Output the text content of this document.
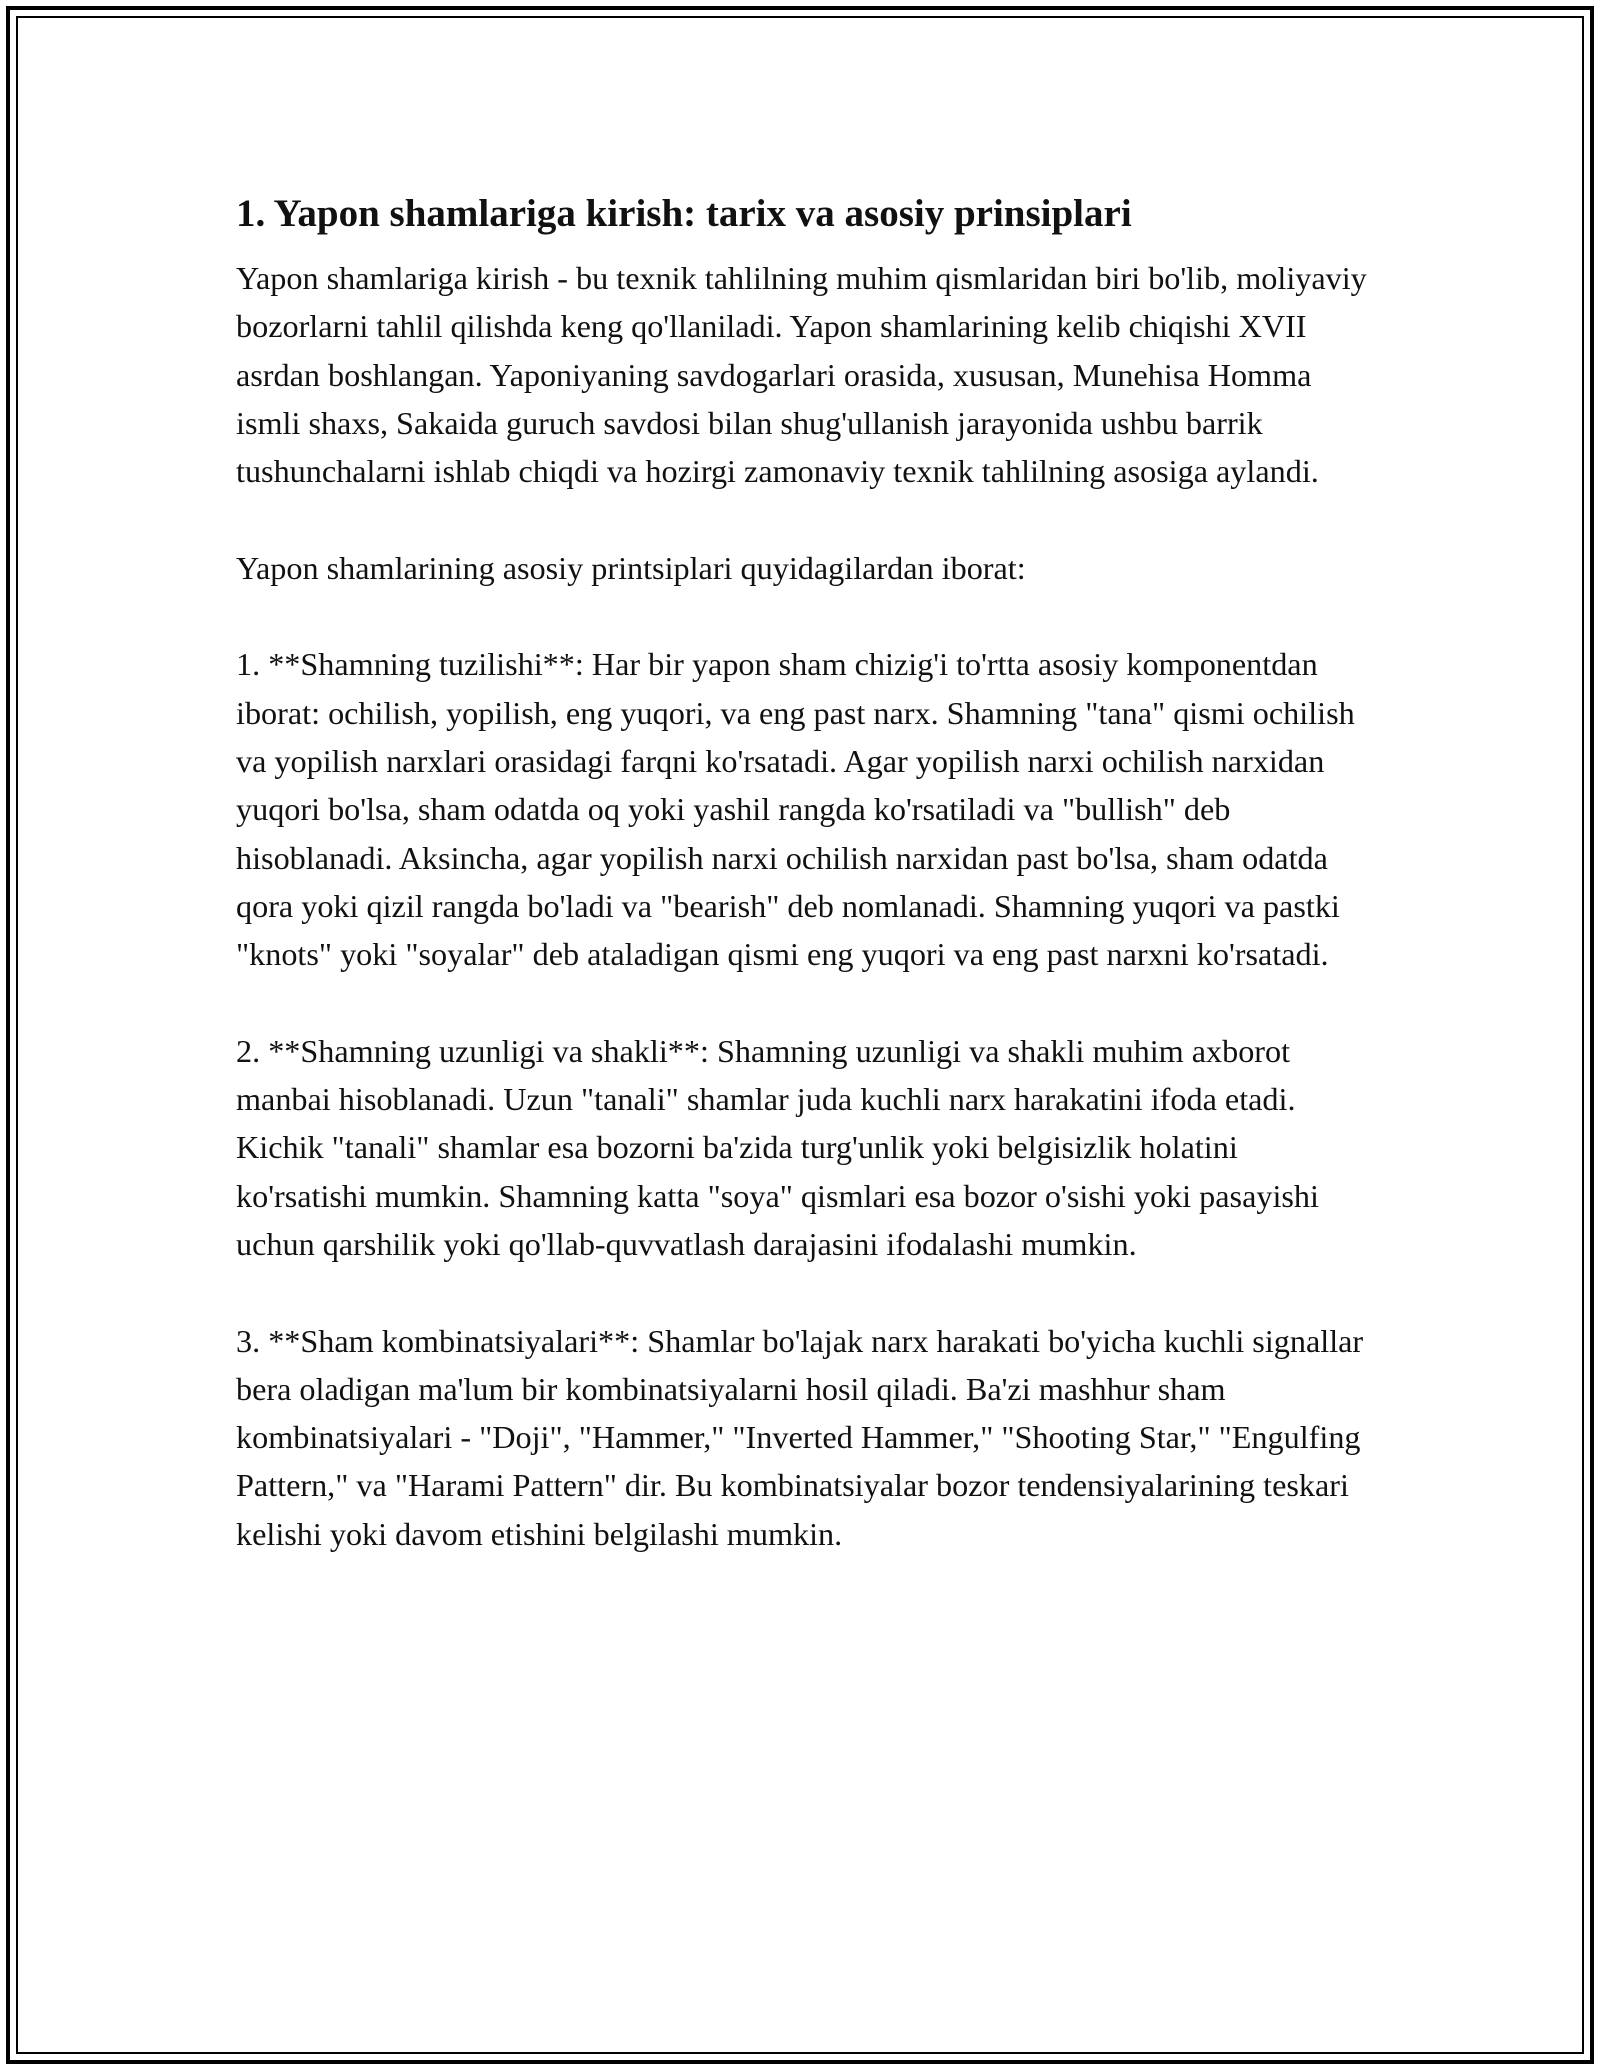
1. Yapon shamlariga kirish: tarix va asosiy prinsiplari

Yapon shamlariga kirish - bu texnik tahlilning muhim qismlaridan biri bo'lib, moliyaviy bozorlarni tahlil qilishda keng qo'llaniladi. Yapon shamlarining kelib chiqishi XVII asrdan boshlangan. Yaponiyaning savdogarlari orasida, xususan, Munehisa Homma ismli shaxs, Sakaida guruch savdosi bilan shug'ullanish jarayonida ushbu barrik tushunchalarni ishlab chiqdi va hozirgi zamonaviy texnik tahlilning asosiga aylandi.

Yapon shamlarining asosiy printsiplari quyidagilardan iborat:

1. **Shamning tuzilishi**: Har bir yapon sham chizig'i to'rtta asosiy komponentdan iborat: ochilish, yopilish, eng yuqori, va eng past narx. Shamning "tana" qismi ochilish va yopilish narxlari orasidagi farqni ko'rsatadi. Agar yopilish narxi ochilish narxidan yuqori bo'lsa, sham odatda oq yoki yashil rangda ko'rsatiladi va "bullish" deb hisoblanadi. Aksincha, agar yopilish narxi ochilish narxidan past bo'lsa, sham odatda qora yoki qizil rangda bo'ladi va "bearish" deb nomlanadi. Shamning yuqori va pastki "knots" yoki "soyalar" deb ataladigan qismi eng yuqori va eng past narxni ko'rsatadi.

2. **Shamning uzunligi va shakli**: Shamning uzunligi va shakli muhim axborot manbai hisoblanadi. Uzun "tanali" shamlar juda kuchli narx harakatini ifoda etadi. Kichik "tanali" shamlar esa bozorni ba'zida turg'unlik yoki belgisizlik holatini ko'rsatishi mumkin. Shamning katta "soya" qismlari esa bozor o'sishi yoki pasayishi uchun qarshilik yoki qo'llab-quvvatlash darajasini ifodalashi mumkin.

3. **Sham kombinatsiyalari**: Shamlar bo'lajak narx harakati bo'yicha kuchli signallar bera oladigan ma'lum bir kombinatsiyalarni hosil qiladi. Ba'zi mashhur sham kombinatsiyalari - "Doji", "Hammer," "Inverted Hammer," "Shooting Star," "Engulfing Pattern," va "Harami Pattern" dir. Bu kombinatsiyalar bozor tendensiyalarining teskari kelishi yoki davom etishini belgilashi mumkin.
